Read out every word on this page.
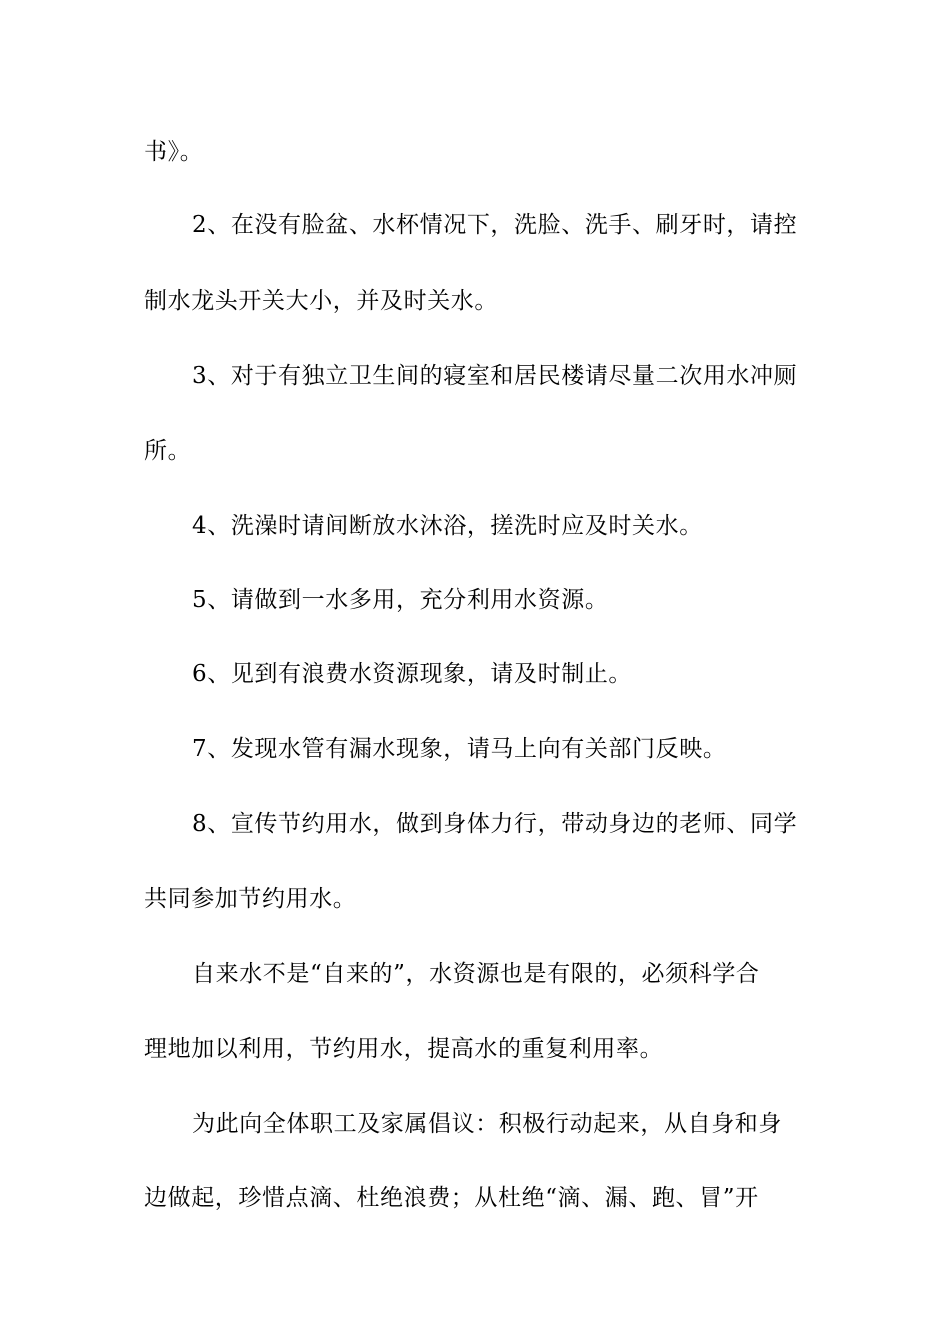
书》。
2、在没有脸盆、水杯情况下，洗脸、洗手、刷牙时，请控
制水龙头开关大小，并及时关水。
3、对于有独立卫生间的寝室和居民楼请尽量二次用水冲厕
所。
4、洗澡时请间断放水沐浴，搓洗时应及时关水。
5、请做到一水多用，充分利用水资源。
6、见到有浪费水资源现象，请及时制止。
7、发现水管有漏水现象，请马上向有关部门反映。
8、宣传节约用水，做到身体力行，带动身边的老师、同学
共同参加节约用水。
自来水不是“自来的”，水资源也是有限的，必须科学合
理地加以利用，节约用水，提高水的重复利用率。
为此向全体职工及家属倡议：积极行动起来，从自身和身
边做起，珍惜点滴、杜绝浪费；从杜绝“滴、漏、跑、冒”开
